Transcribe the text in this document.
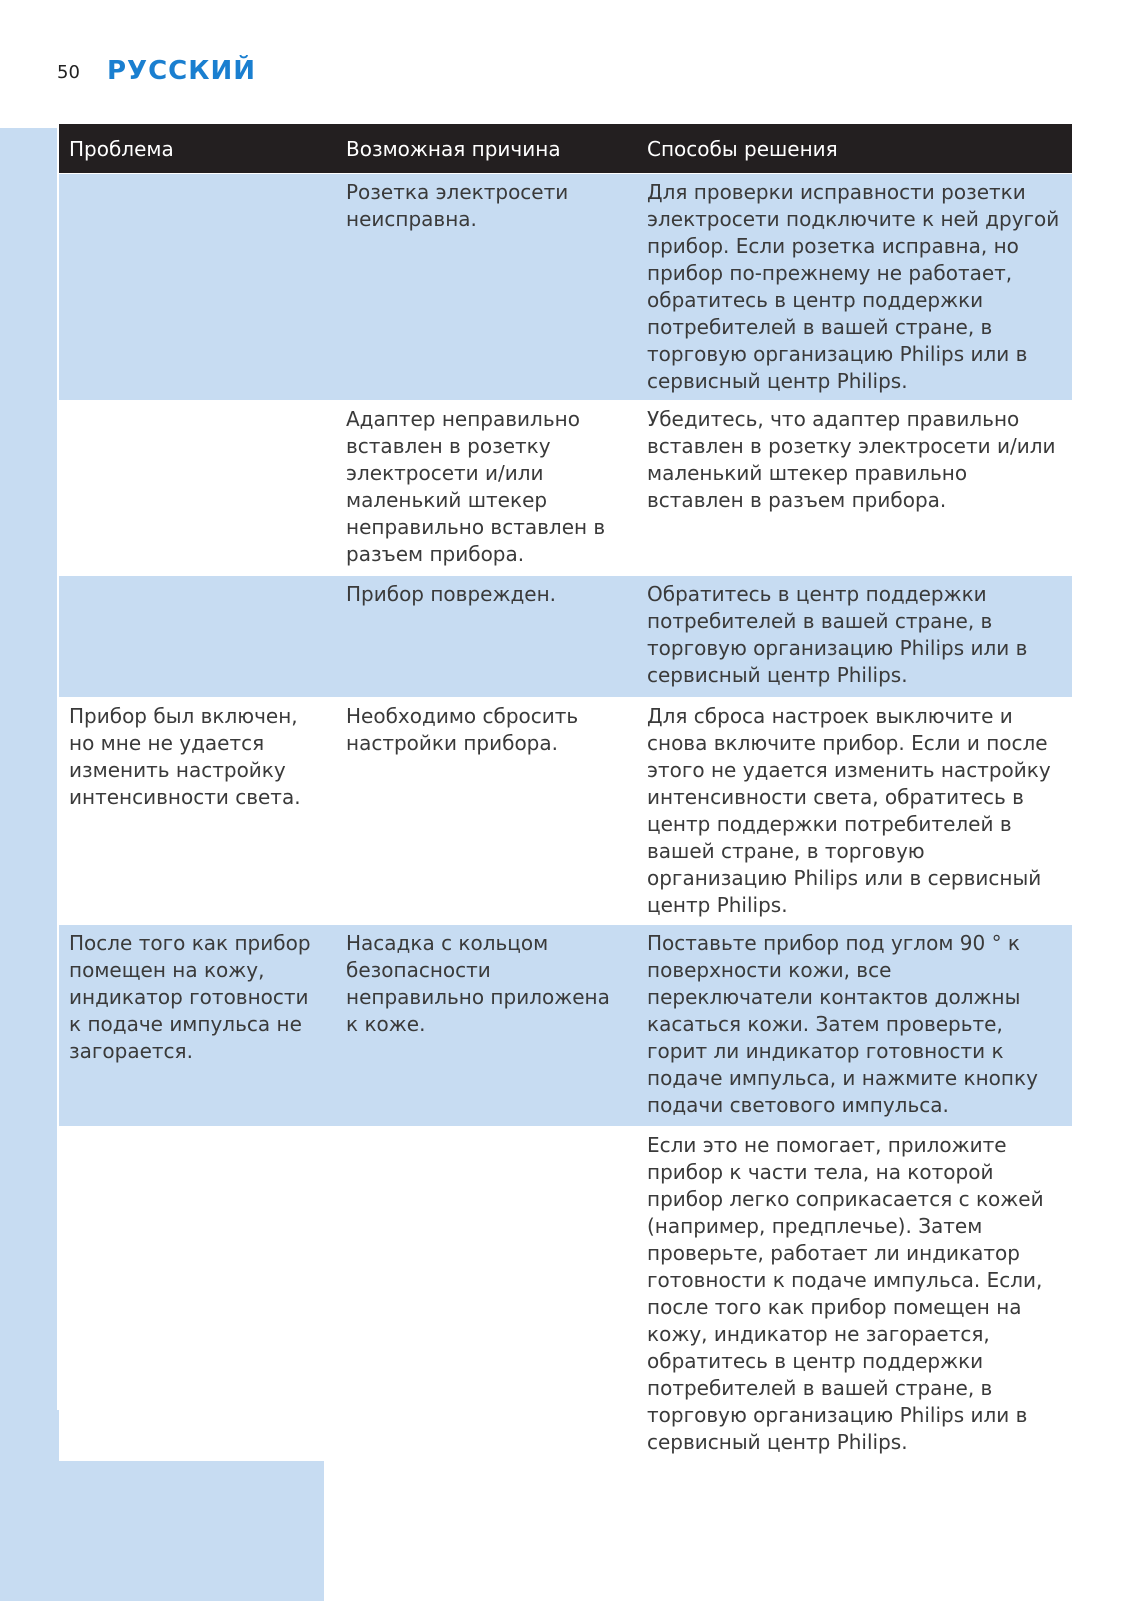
50 РУССКИЙ
Проблема	Возможная причина	Способы решения
	Розетка электросети неисправна.	Для проверки исправности розетки электросети подключите к ней другой прибор. Если розетка исправна, но прибор по-прежнему не работает, обратитесь в центр поддержки потребителей в вашей стране, в торговую организацию Philips или в сервисный центр Philips.
	Адаптер неправильно вставлен в розетку электросети и/или маленький штекер неправильно вставлен в разъем прибора.	Убедитесь, что адаптер правильно вставлен в розетку электросети и/или маленький штекер правильно вставлен в разъем прибора.
	Прибор поврежден.	Обратитесь в центр поддержки потребителей в вашей стране, в торговую организацию Philips или в сервисный центр Philips.
Прибор был включен, но мне не удается изменить настройку интенсивности света.	Необходимо сбросить настройки прибора.	Для сброса настроек выключите и снова включите прибор. Если и после этого не удается изменить настройку интенсивности света, обратитесь в центр поддержки потребителей в вашей стране, в торговую организацию Philips или в сервисный центр Philips.
После того как прибор помещен на кожу, индикатор готовности к подаче импульса не загорается.	Насадка с кольцом безопасности неправильно приложена к коже.	Поставьте прибор под углом 90 ° к поверхности кожи, все переключатели контактов должны касаться кожи. Затем проверьте, горит ли индикатор готовности к подаче импульса, и нажмите кнопку подачи светового импульса.
		Если это не помогает, приложите прибор к части тела, на которой прибор легко соприкасается с кожей (например, предплечье). Затем проверьте, работает ли индикатор готовности к подаче импульса. Если, после того как прибор помещен на кожу, индикатор не загорается, обратитесь в центр поддержки потребителей в вашей стране, в торговую организацию Philips или в сервисный центр Philips.
